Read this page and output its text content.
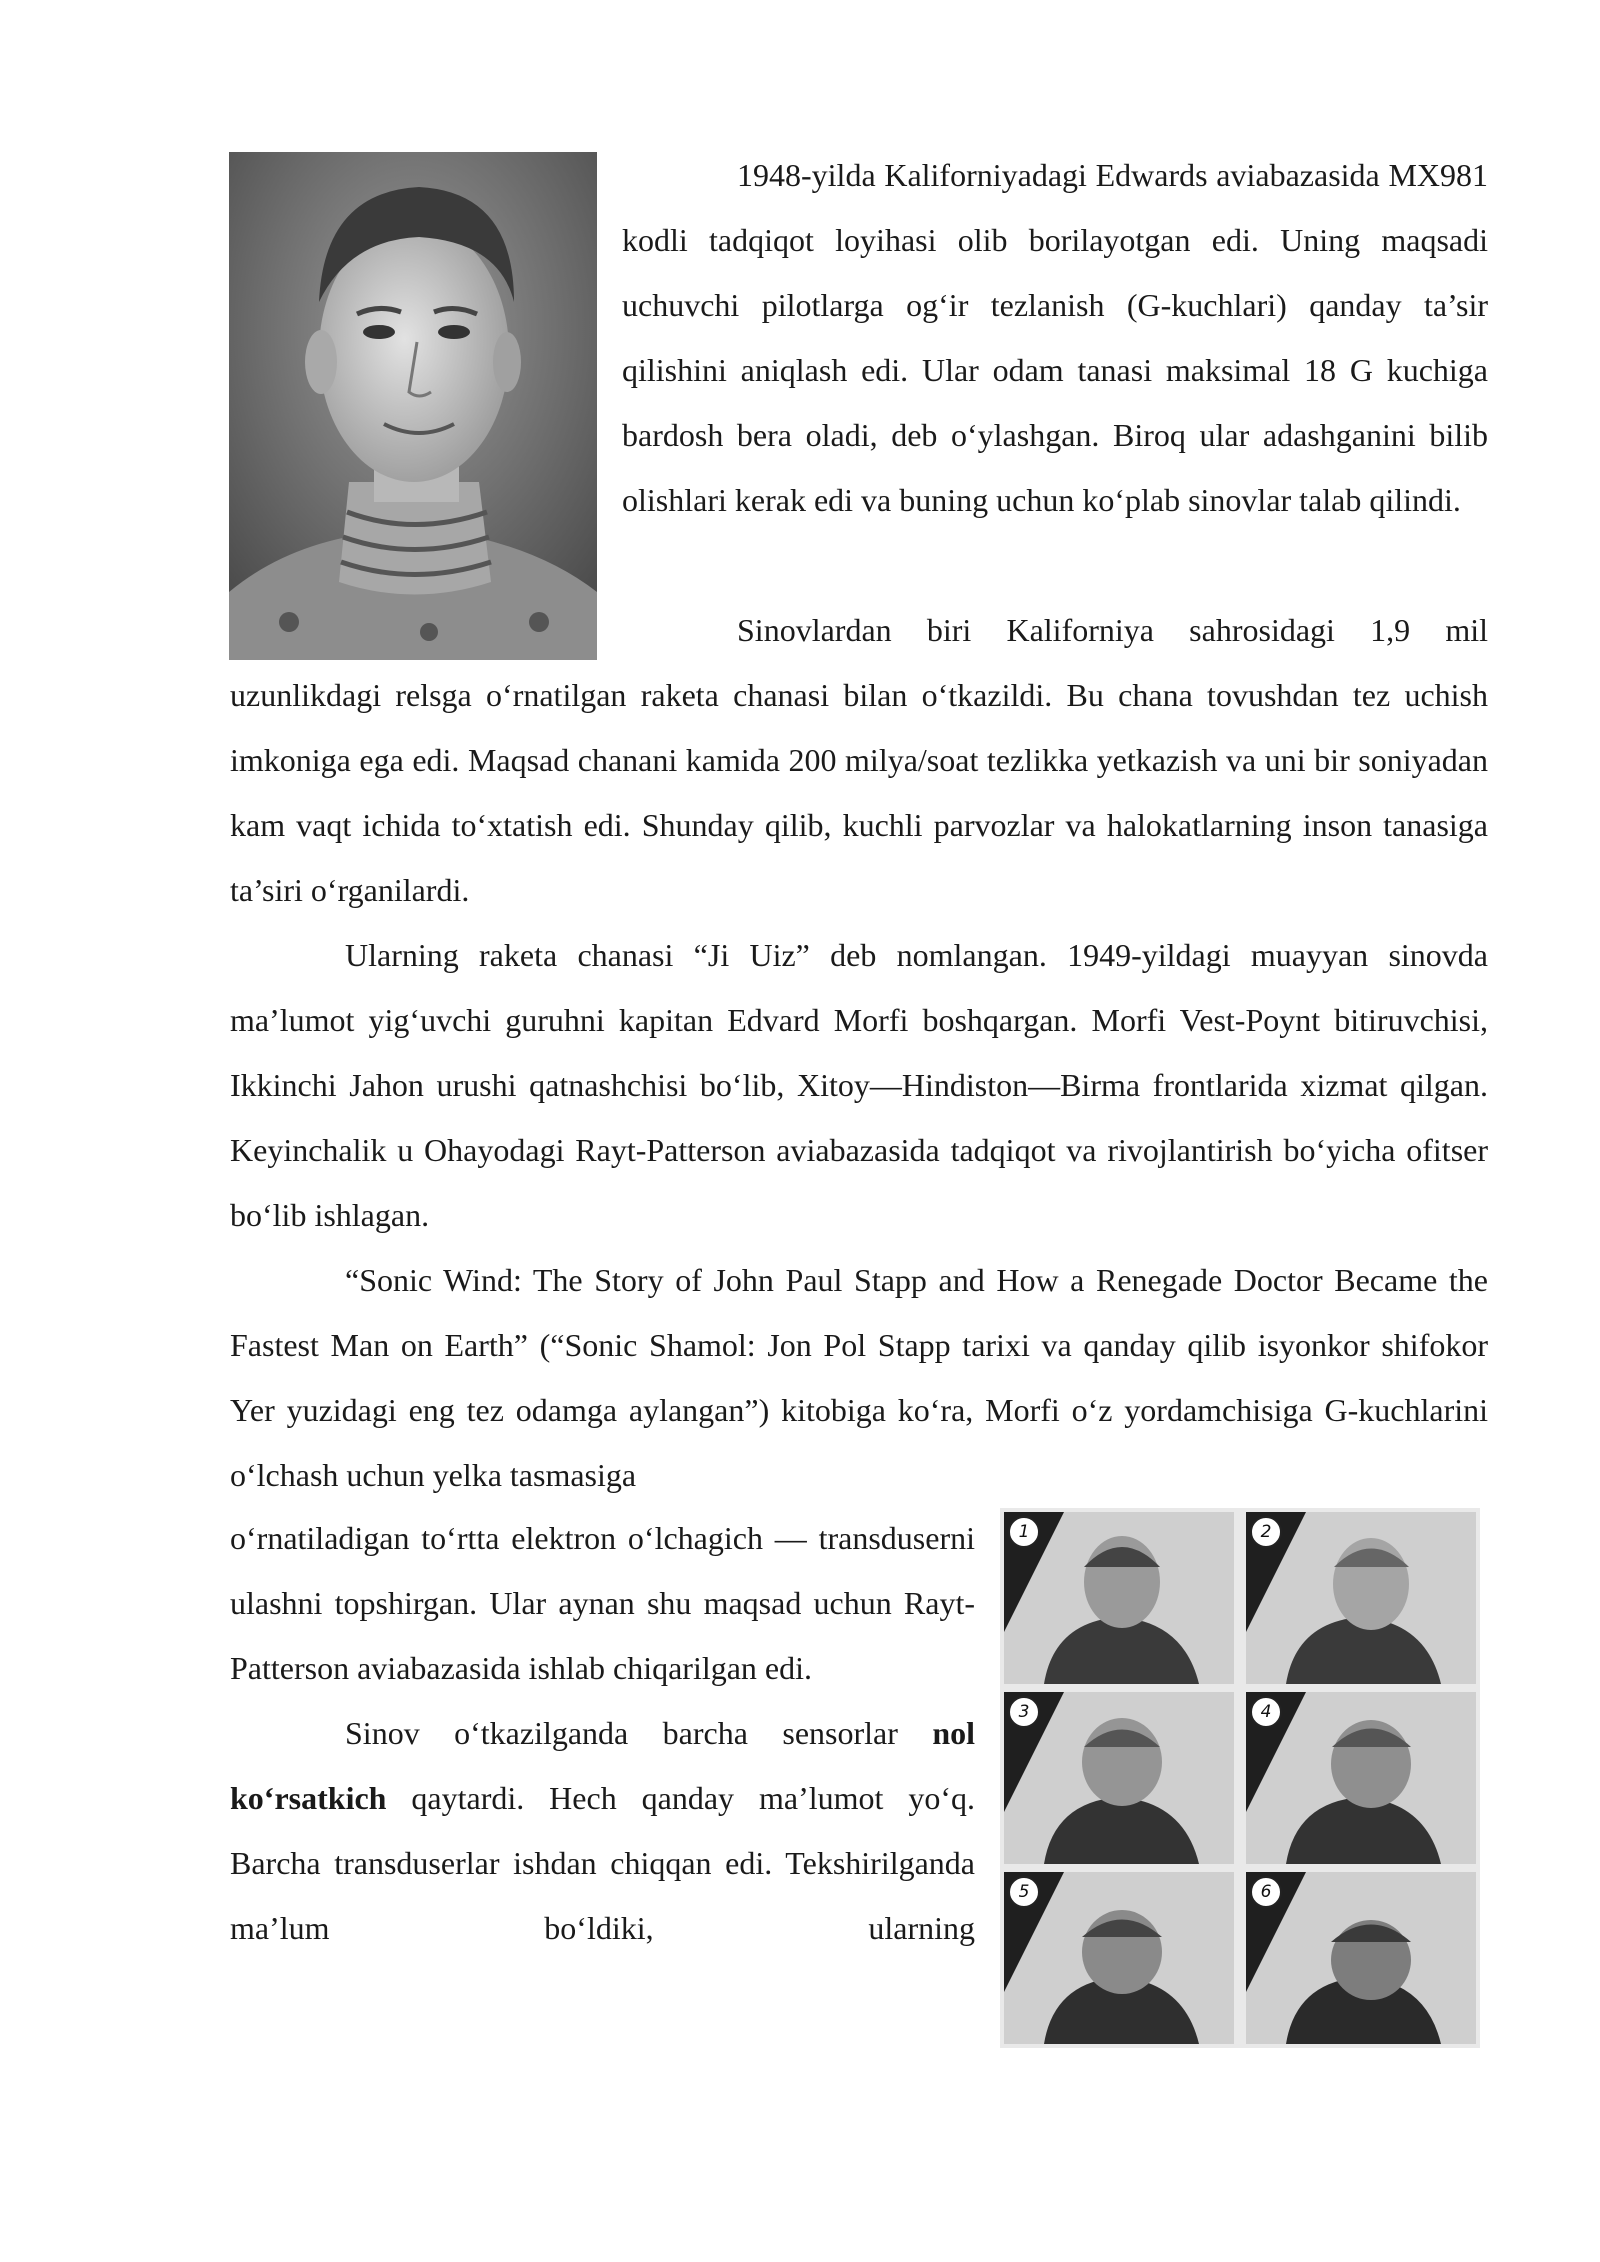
1948-yilda Kaliforniyadagi Edwards aviabazasida MX981 kodli tadqiqot loyihasi olib borilayotgan edi. Uning maqsadi uchuvchi pilotlarga og‘ir tezlanish (G-kuchlari) qanday ta’sir qilishini aniqlash edi. Ular odam tanasi maksimal 18 G kuchiga bardosh bera oladi, deb o‘ylashgan. Biroq ular adashganini bilib olishlari kerak edi va buning uchun ko‘plab sinovlar talab qilindi.

Sinovlardan biri Kaliforniya sahrosidagi 1,9 mil uzunlikdagi relsga o‘rnatilgan raketa chanasi bilan o‘tkazildi. Bu chana tovushdan tez uchish imkoniga ega edi. Maqsad chanani kamida 200 milya/soat tezlikka yetkazish va uni bir soniyadan kam vaqt ichida to‘xtatish edi. Shunday qilib, kuchli parvozlar va halokatlarning inson tanasiga ta’siri o‘rganilardi.

Ularning raketa chanasi “Ji Uiz” deb nomlangan. 1949-yildagi muayyan sinovda ma’lumot yig‘uvchi guruhni kapitan Edvard Morfi boshqargan. Morfi Vest-Poynt bitiruvchisi, Ikkinchi Jahon urushi qatnashchisi bo‘lib, Xitoy—Hindiston—Birma frontlarida xizmat qilgan. Keyinchalik u Ohayodagi Rayt-Patterson aviabazasida tadqiqot va rivojlantirish bo‘yicha ofitser bo‘lib ishlagan.

“Sonic Wind: The Story of John Paul Stapp and How a Renegade Doctor Became the Fastest Man on Earth” (“Sonic Shamol: Jon Pol Stapp tarixi va qanday qilib isyonkor shifokor Yer yuzidagi eng tez odamga aylangan”) kitobiga ko‘ra, Morfi o‘z yordamchisiga G-kuchlarini o‘lchash uchun yelka tasmasiga

o‘rnatiladigan to‘rtta elektron o‘lchagich — transduserni ulashni topshirgan. Ular aynan shu maqsad uchun Rayt-Patterson aviabazasida ishlab chiqarilgan edi.

Sinov o‘tkazilganda barcha sensorlar nol ko‘rsatkich qaytardi. Hech qanday ma’lumot yo‘q. Barcha transduserlar ishdan chiqqan edi. Tekshirilganda ma’lum bo‘ldiki, ularning

1	2
3	4
5	6
